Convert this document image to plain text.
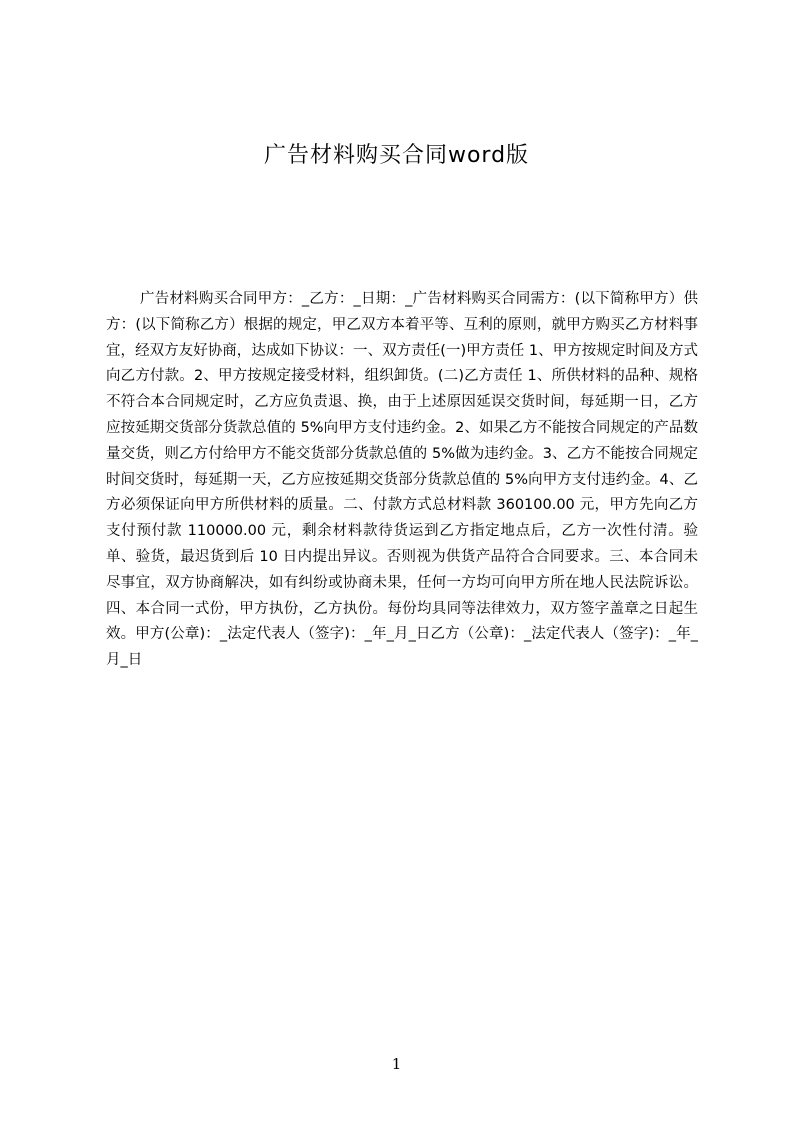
广告材料购买合同word版

广告材料购买合同甲方：_乙方：_日期：_广告材料购买合同需方：(以下简称甲方）供方：(以下简称乙方）根据的规定，甲乙双方本着平等、互利的原则，就甲方购买乙方材料事宜，经双方友好协商，达成如下协议：一、双方责任(一)甲方责任 1、甲方按规定时间及方式向乙方付款。2、甲方按规定接受材料，组织卸货。(二)乙方责任 1、所供材料的品种、规格不符合本合同规定时，乙方应负责退、换，由于上述原因延误交货时间，每延期一日，乙方应按延期交货部分货款总值的 5%向甲方支付违约金。2、如果乙方不能按合同规定的产品数量交货，则乙方付给甲方不能交货部分货款总值的 5%做为违约金。3、乙方不能按合同规定时间交货时，每延期一天，乙方应按延期交货部分货款总值的 5%向甲方支付违约金。4、乙方必须保证向甲方所供材料的质量。二、付款方式总材料款 360100.00 元，甲方先向乙方支付预付款 110000.00 元，剩余材料款待货运到乙方指定地点后，乙方一次性付清。验单、验货，最迟货到后 10 日内提出异议。否则视为供货产品符合合同要求。三、本合同未尽事宜，双方协商解决，如有纠纷或协商未果，任何一方均可向甲方所在地人民法院诉讼。四、本合同一式份，甲方执份，乙方执份。每份均具同等法律效力，双方签字盖章之日起生效。甲方(公章)：_法定代表人（签字)：_年_月_日乙方（公章)：_法定代表人（签字)：_年_月_日

1
